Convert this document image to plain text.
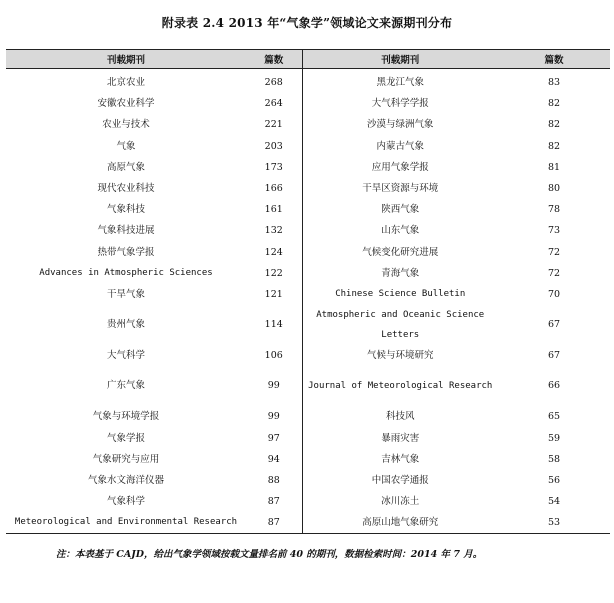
附录表 2.4 2013 年“气象学”领域论文来源期刊分布
刊载期刊	篇数	刊载期刊	篇数
北京农业	268	黑龙江气象	83
安徽农业科学	264	大气科学学报	82
农业与技术	221	沙漠与绿洲气象	82
气象	203	内蒙古气象	82
高原气象	173	应用气象学报	81
现代农业科技	166	干旱区资源与环境	80
气象科技	161	陕西气象	78
气象科技进展	132	山东气象	73
热带气象学报	124	气候变化研究进展	72
Advances in Atmospheric Sciences	122	青海气象	72
干旱气象	121	Chinese Science Bulletin	70
贵州气象	114	Atmospheric and Oceanic Science Letters	67
大气科学	106	气候与环境研究	67
广东气象	99	Journal of Meteorological Research	66
气象与环境学报	99	科技风	65
气象学报	97	暴雨灾害	59
气象研究与应用	94	吉林气象	58
气象水文海洋仪器	88	中国农学通报	56
气象科学	87	冰川冻土	54
Meteorological and Environmental Research	87	高原山地气象研究	53
注：本表基于 CAJD，给出气象学领域按载文量排名前 40 的期刊，数据检索时间：2014 年 7 月。
